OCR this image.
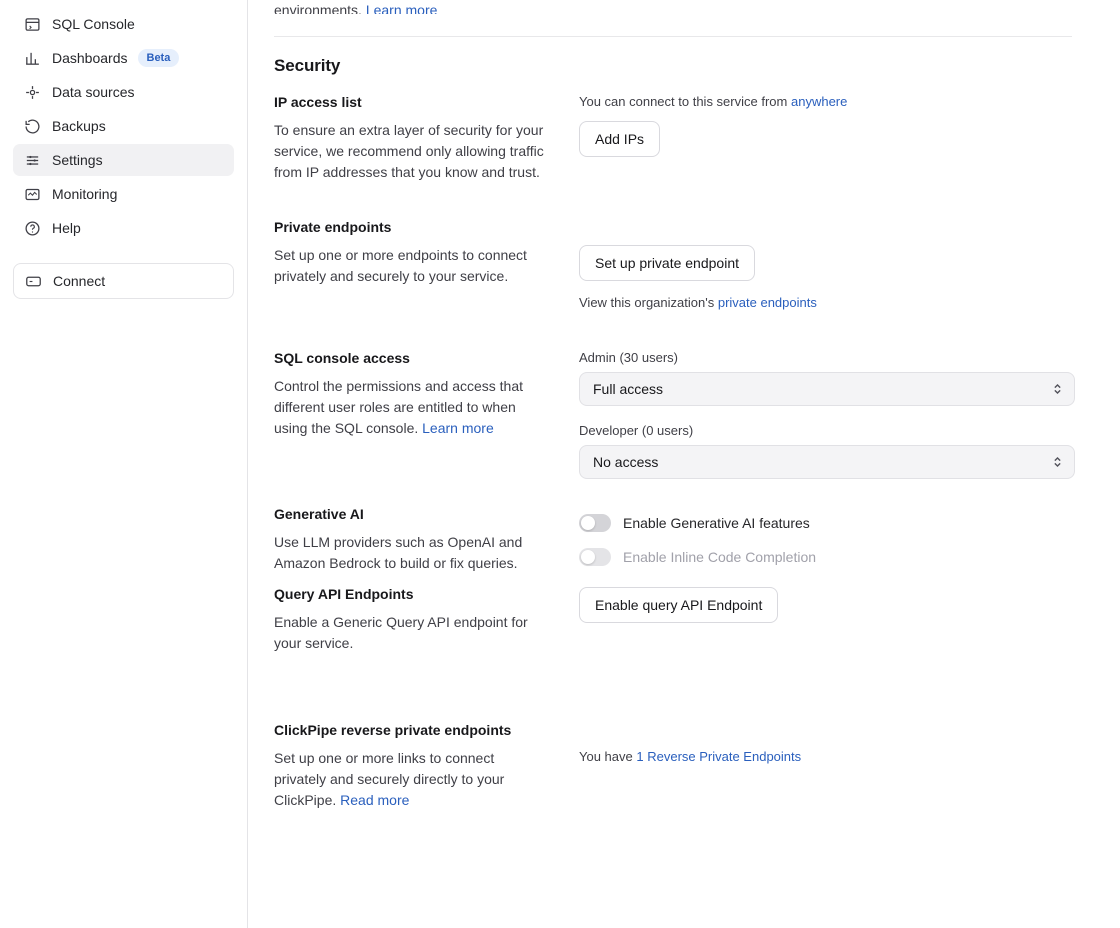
SQL Console
Dashboards	Beta
Data sources
Backups
Settings
Monitoring
Help
Connect
environments. Learn more
Security
IP access list

To ensure an extra layer of security for your service, we recommend only allowing traffic from IP addresses that you know and trust.

You can connect to this service from anywhere

Add IPs
Private endpoints

Set up one or more endpoints to connect privately and securely to your service.

Set up private endpoint

View this organization's private endpoints

SQL console access

Control the permissions and access that different user roles are entitled to when using the SQL console. Learn more

Admin (30 users)
Full access
Developer (0 users)
No access
Generative AI

Use LLM providers such as OpenAI and Amazon Bedrock to build or fix queries.

Enable Generative AI features
Enable Inline Code Completion
Query API Endpoints

Enable a Generic Query API endpoint for your service.

Enable query API Endpoint
ClickPipe reverse private endpoints

Set up one or more links to connect privately and securely directly to your ClickPipe. Read more

You have 1 Reverse Private Endpoints
